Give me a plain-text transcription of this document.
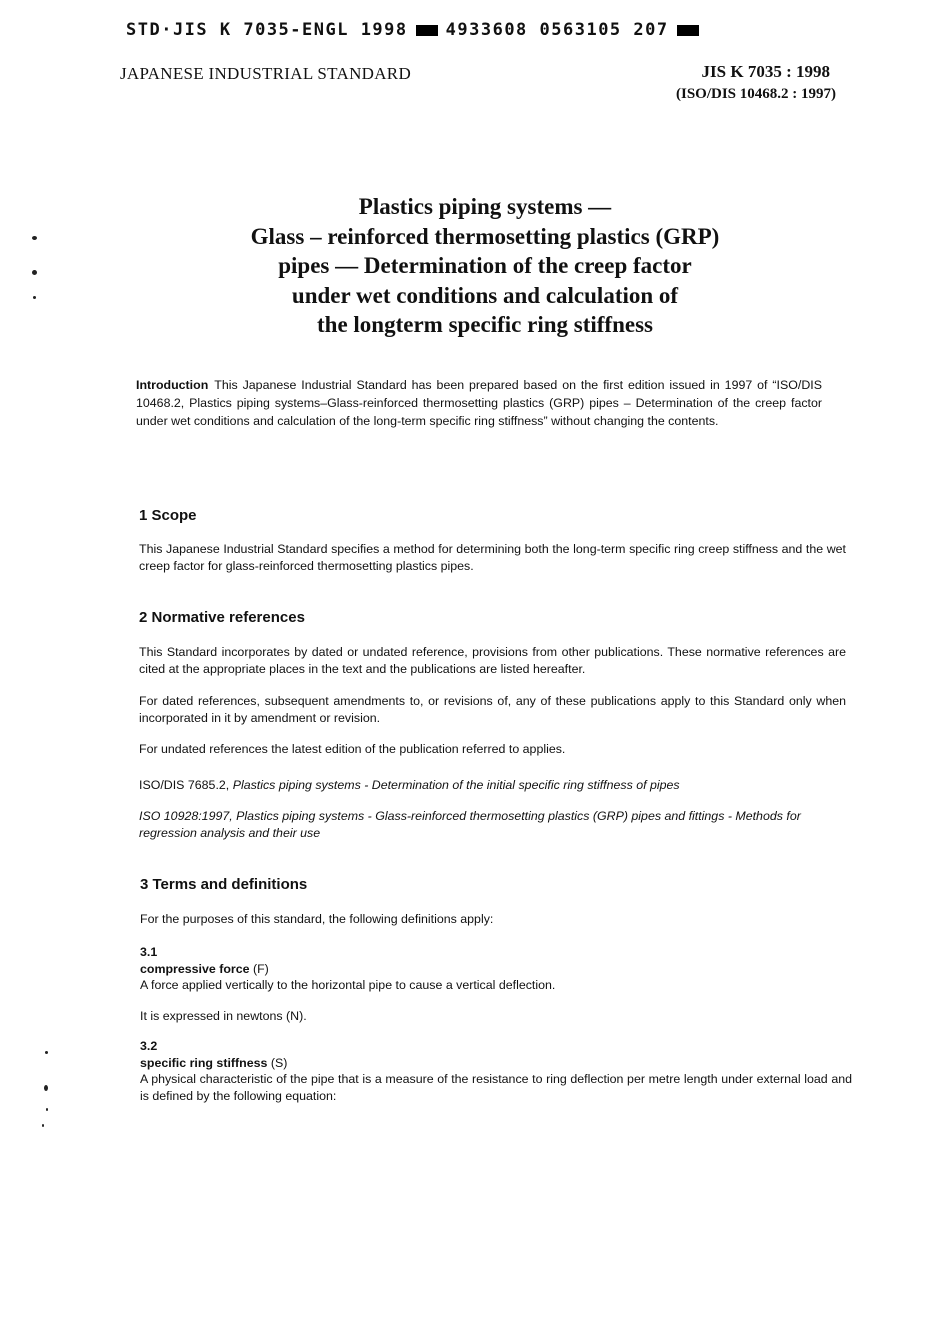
STD·JIS K 7035-ENGL 1998 4933608 0563105 207
JAPANESE INDUSTRIAL STANDARD	JIS K 7035 : 1998
(ISO/DIS 10468.2 : 1997)
Plastics piping systems —
Glass – reinforced thermosetting plastics (GRP)
pipes — Determination of the creep factor
under wet conditions and calculation of
the longterm specific ring stiffness
Introduction This Japanese Industrial Standard has been prepared based on the first edition issued in 1997 of “ISO/DIS 10468.2, Plastics piping systems–Glass-reinforced thermosetting plastics (GRP) pipes – Determination of the creep factor under wet conditions and calculation of the long-term specific ring stiffness” without changing the contents.
1 Scope
This Japanese Industrial Standard specifies a method for determining both the long-term specific ring creep stiffness and the wet creep factor for glass-reinforced thermosetting plastics pipes.
2 Normative references
This Standard incorporates by dated or undated reference, provisions from other publications. These normative references are cited at the appropriate places in the text and the publications are listed hereafter.
For dated references, subsequent amendments to, or revisions of, any of these publications apply to this Standard only when incorporated in it by amendment or revision.
For undated references the latest edition of the publication referred to applies.
ISO/DIS 7685.2, Plastics piping systems - Determination of the initial specific ring stiffness of pipes
ISO 10928:1997, Plastics piping systems - Glass-reinforced thermosetting plastics (GRP) pipes and fittings - Methods for regression analysis and their use
3 Terms and definitions
For the purposes of this standard, the following definitions apply:
3.1
compressive force (F)
A force applied vertically to the horizontal pipe to cause a vertical deflection.
It is expressed in newtons (N).
3.2
specific ring stiffness (S)
A physical characteristic of the pipe that is a measure of the resistance to ring deflection per metre length under external load and is defined by the following equation:
